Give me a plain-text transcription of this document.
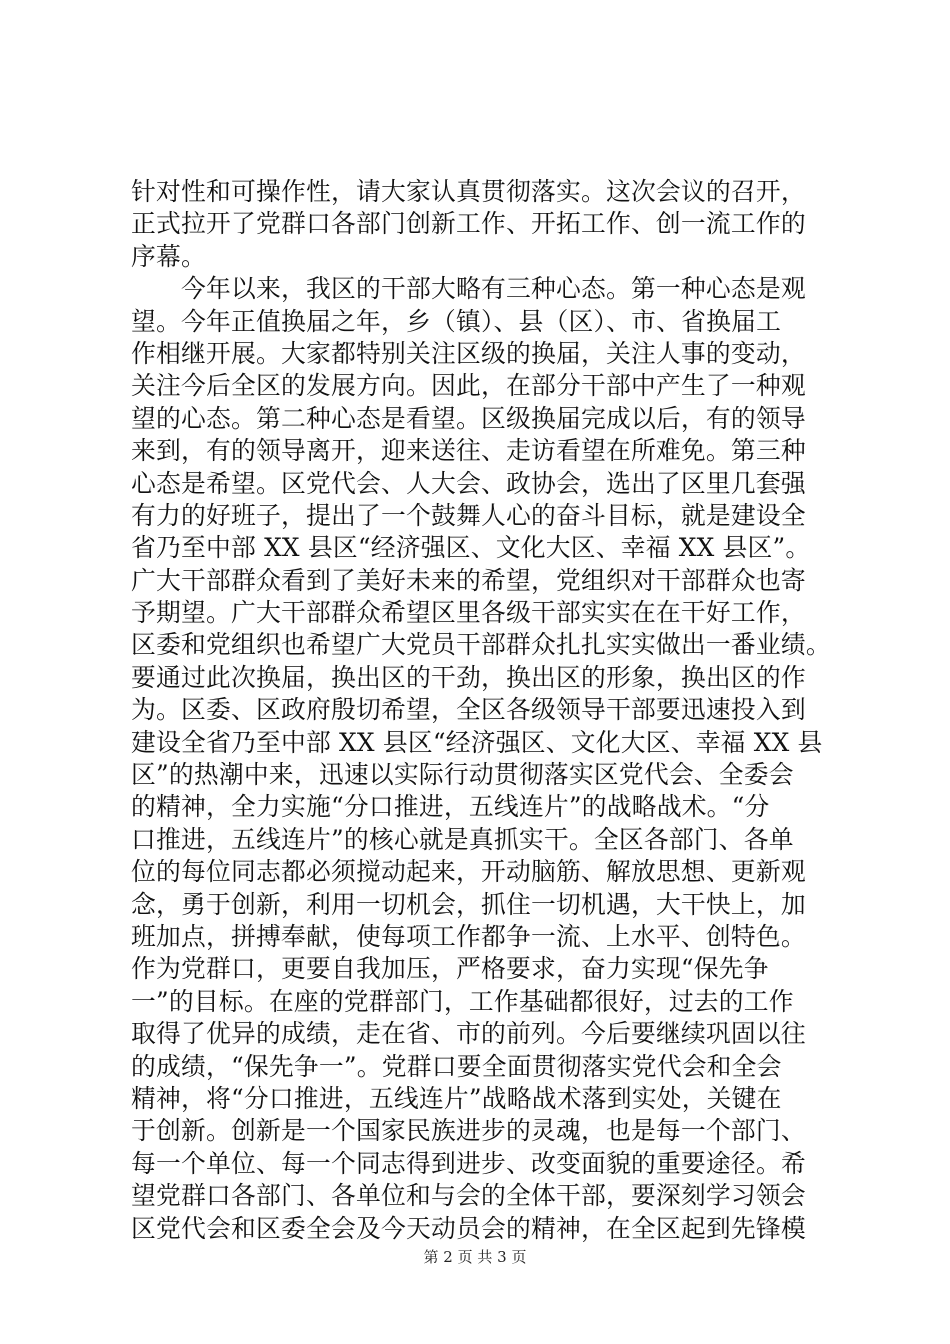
针对性和可操作性，请大家认真贯彻落实。这次会议的召开，
正式拉开了党群口各部门创新工作、开拓工作、创一流工作的
序幕。
　　今年以来，我区的干部大略有三种心态。第一种心态是观
望。今年正值换届之年，乡（镇）、县（区）、市、省换届工
作相继开展。大家都特别关注区级的换届，关注人事的变动，
关注今后全区的发展方向。因此，在部分干部中产生了一种观
望的心态。第二种心态是看望。区级换届完成以后，有的领导
来到，有的领导离开，迎来送往、走访看望在所难免。第三种
心态是希望。区党代会、人大会、政协会，选出了区里几套强
有力的好班子，提出了一个鼓舞人心的奋斗目标，就是建设全
省乃至中部 XX 县区“经济强区、文化大区、幸福 XX 县区”。
广大干部群众看到了美好未来的希望，党组织对干部群众也寄
予期望。广大干部群众希望区里各级干部实实在在干好工作，
区委和党组织也希望广大党员干部群众扎扎实实做出一番业绩。
要通过此次换届，换出区的干劲，换出区的形象，换出区的作
为。区委、区政府殷切希望，全区各级领导干部要迅速投入到
建设全省乃至中部 XX 县区“经济强区、文化大区、幸福 XX 县
区”的热潮中来，迅速以实际行动贯彻落实区党代会、全委会
的精神，全力实施“分口推进，五线连片”的战略战术。“分
口推进，五线连片”的核心就是真抓实干。全区各部门、各单
位的每位同志都必须搅动起来，开动脑筋、解放思想、更新观
念，勇于创新，利用一切机会，抓住一切机遇，大干快上，加
班加点，拼搏奉献，使每项工作都争一流、上水平、创特色。
作为党群口，更要自我加压，严格要求，奋力实现“保先争
一”的目标。在座的党群部门，工作基础都很好，过去的工作
取得了优异的成绩，走在省、市的前列。今后要继续巩固以往
的成绩，“保先争一”。党群口要全面贯彻落实党代会和全会
精神，将“分口推进，五线连片”战略战术落到实处，关键在
于创新。创新是一个国家民族进步的灵魂，也是每一个部门、
每一个单位、每一个同志得到进步、改变面貌的重要途径。希
望党群口各部门、各单位和与会的全体干部，要深刻学习领会
区党代会和区委全会及今天动员会的精神，在全区起到先锋模
第 2 页 共 3 页
